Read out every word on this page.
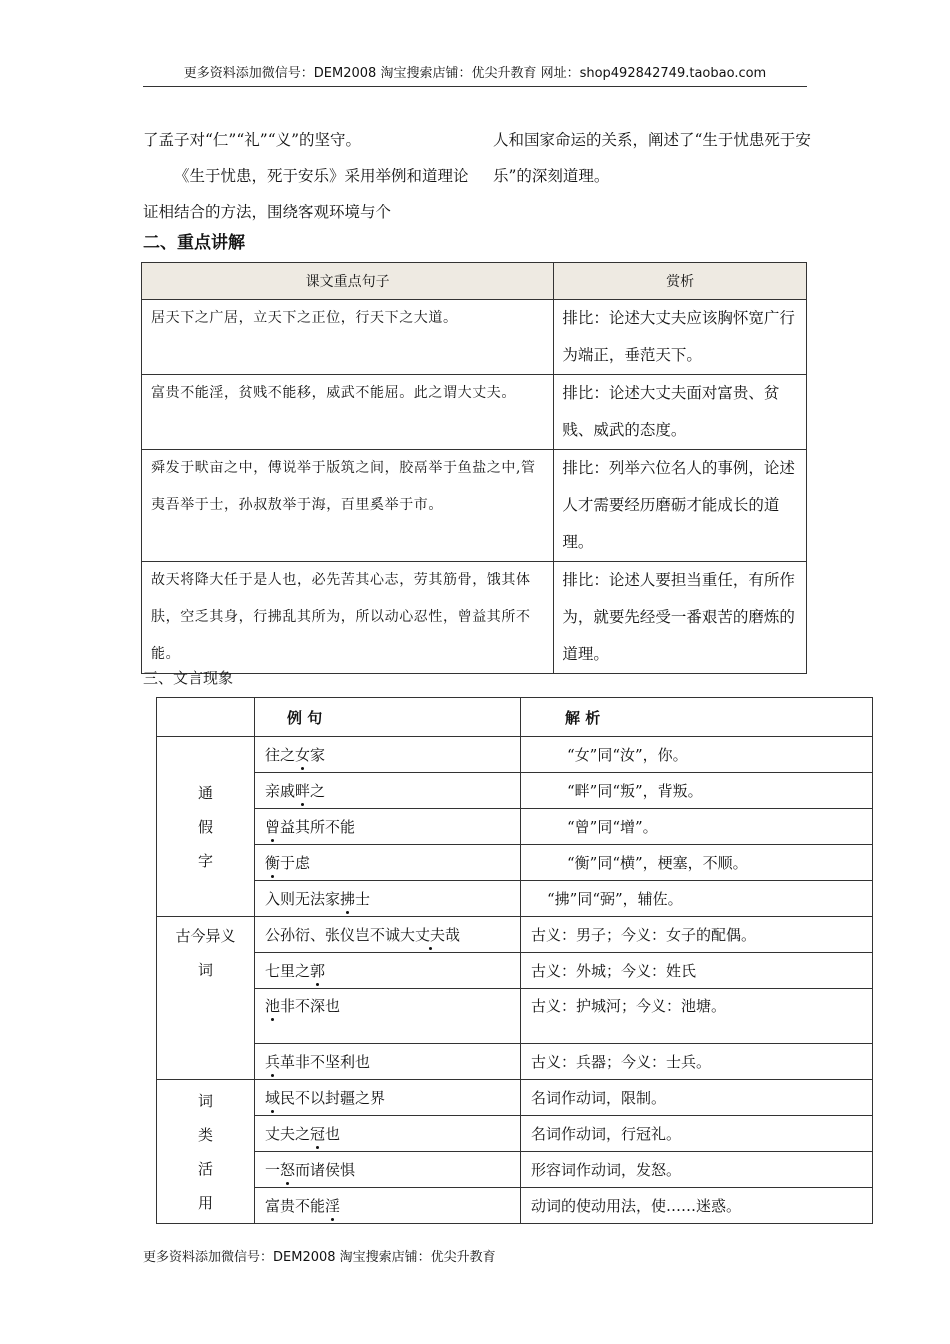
更多资料添加微信号：DEM2008 淘宝搜索店铺：优尖升教育 网址：shop492842749.taobao.com

了孟子对“仁”“礼”“义”的坚守。

《生于忧患，死于安乐》采用举例和道理论证相结合的方法，围绕客观环境与个

人和国家命运的关系，阐述了“生于忧患死于安乐”的深刻道理。

二、重点讲解
课文重点句子	赏析
居天下之广居，立天下之正位，行天下之大道。	排比：论述大丈夫应该胸怀宽广行为端正，垂范天下。
富贵不能淫，贫贱不能移，威武不能屈。此之谓大丈夫。	排比：论述大丈夫面对富贵、贫贱、威武的态度。
舜发于畎亩之中，傅说举于版筑之间，胶鬲举于鱼盐之中,管夷吾举于士，孙叔敖举于海，百里奚举于市。	排比：列举六位名人的事例，论述人才需要经历磨砺才能成长的道理。
故天将降大任于是人也，必先苦其心志，劳其筋骨，饿其体肤，空乏其身，行拂乱其所为，所以动心忍性，曾益其所不能。	排比：论述人要担当重任，有所作为，就要先经受一番艰苦的磨炼的道理。
三、文言现象
	例 句	解 析
通假字	往之女家	“女”同“汝”，你。
	亲戚畔之	“畔”同“叛”，背叛。
	曾益其所不能	“曾”同“增”。
	衡于虑	“衡”同“横”，梗塞，不顺。
	入则无法家拂士	“拂”同“弼”，辅佐。
古今异义词	公孙衍、张仪岂不诚大丈夫哉	古义：男子；今义：女子的配偶。
	七里之郭	古义：外城；今义：姓氏
	池非不深也	古义：护城河；今义：池塘。
	兵革非不坚利也	古义：兵器；今义：士兵。
词类活用	域民不以封疆之界	名词作动词，限制。
	丈夫之冠也	名词作动词，行冠礼。
	一怒而诸侯惧	形容词作动词，发怒。
	富贵不能淫	动词的使动用法，使……迷惑。
更多资料添加微信号：DEM2008 淘宝搜索店铺：优尖升教育
